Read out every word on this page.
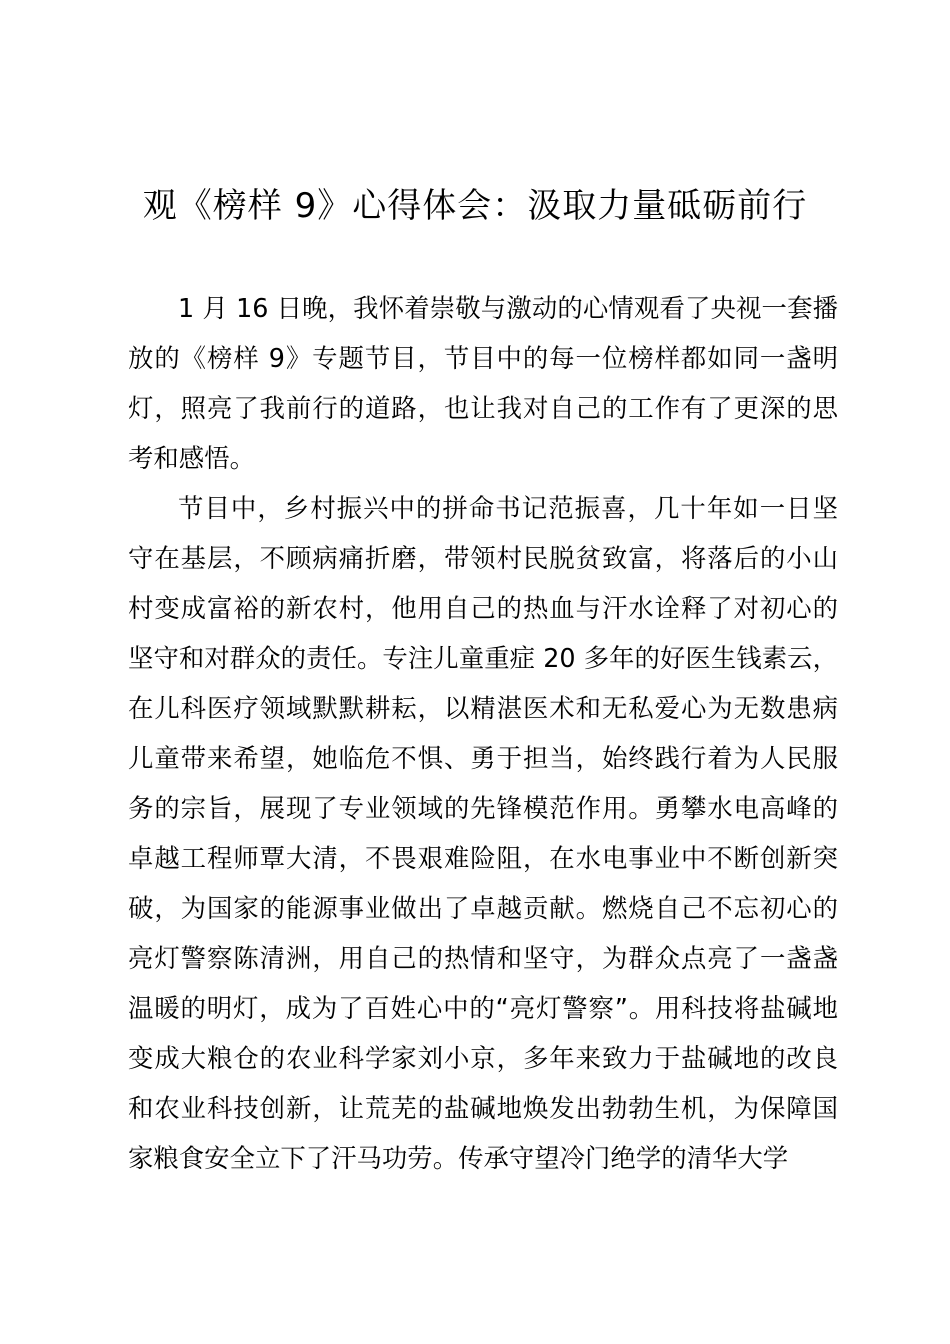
观《榜样 9》心得体会：汲取力量砥砺前行

1 月 16 日晚，我怀着崇敬与激动的心情观看了央视一套播放的《榜样 9》专题节目，节目中的每一位榜样都如同一盏明灯，照亮了我前行的道路，也让我对自己的工作有了更深的思考和感悟。

节目中，乡村振兴中的拼命书记范振喜，几十年如一日坚守在基层，不顾病痛折磨，带领村民脱贫致富，将落后的小山村变成富裕的新农村，他用自己的热血与汗水诠释了对初心的坚守和对群众的责任。专注儿童重症 20 多年的好医生钱素云，在儿科医疗领域默默耕耘，以精湛医术和无私爱心为无数患病儿童带来希望，她临危不惧、勇于担当，始终践行着为人民服务的宗旨，展现了专业领域的先锋模范作用。勇攀水电高峰的卓越工程师覃大清，不畏艰难险阻，在水电事业中不断创新突破，为国家的能源事业做出了卓越贡献。燃烧自己不忘初心的亮灯警察陈清洲，用自己的热情和坚守，为群众点亮了一盏盏温暖的明灯，成为了百姓心中的“亮灯警察”。用科技将盐碱地变成大粮仓的农业科学家刘小京，多年来致力于盐碱地的改良和农业科技创新，让荒芜的盐碱地焕发出勃勃生机，为保障国家粮食安全立下了汗马功劳。传承守望冷门绝学的清华大学
